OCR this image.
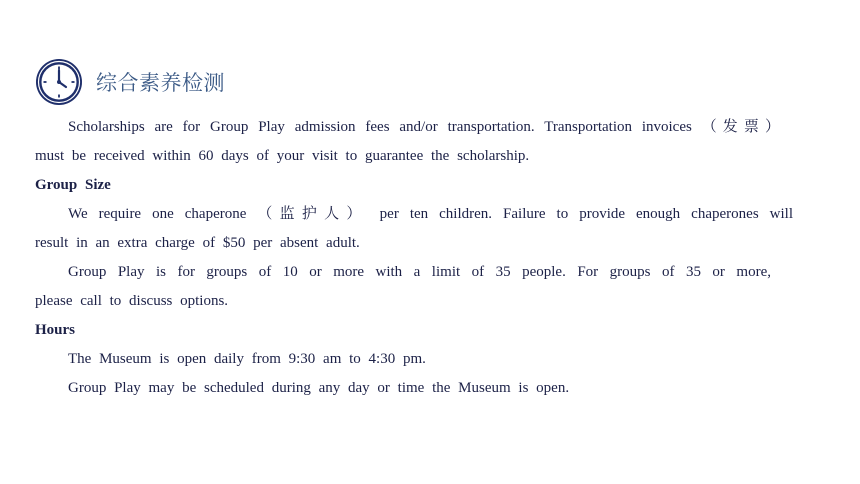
综合素养检测
Scholarships are for Group Play admission fees and/or transportation. Transportation invoices （发票）
must be received within 60 days of your visit to guarantee the scholarship.
Group Size
We require one chaperone （监护人） per ten children. Failure to provide enough chaperones will
result in an extra charge of $50 per absent adult.
Group Play is for groups of 10 or more with a limit of 35 people. For groups of 35 or more,
please call to discuss options.
Hours
The Museum is open daily from 9:30 am to 4:30 pm.
Group Play may be scheduled during any day or time the Museum is open.
